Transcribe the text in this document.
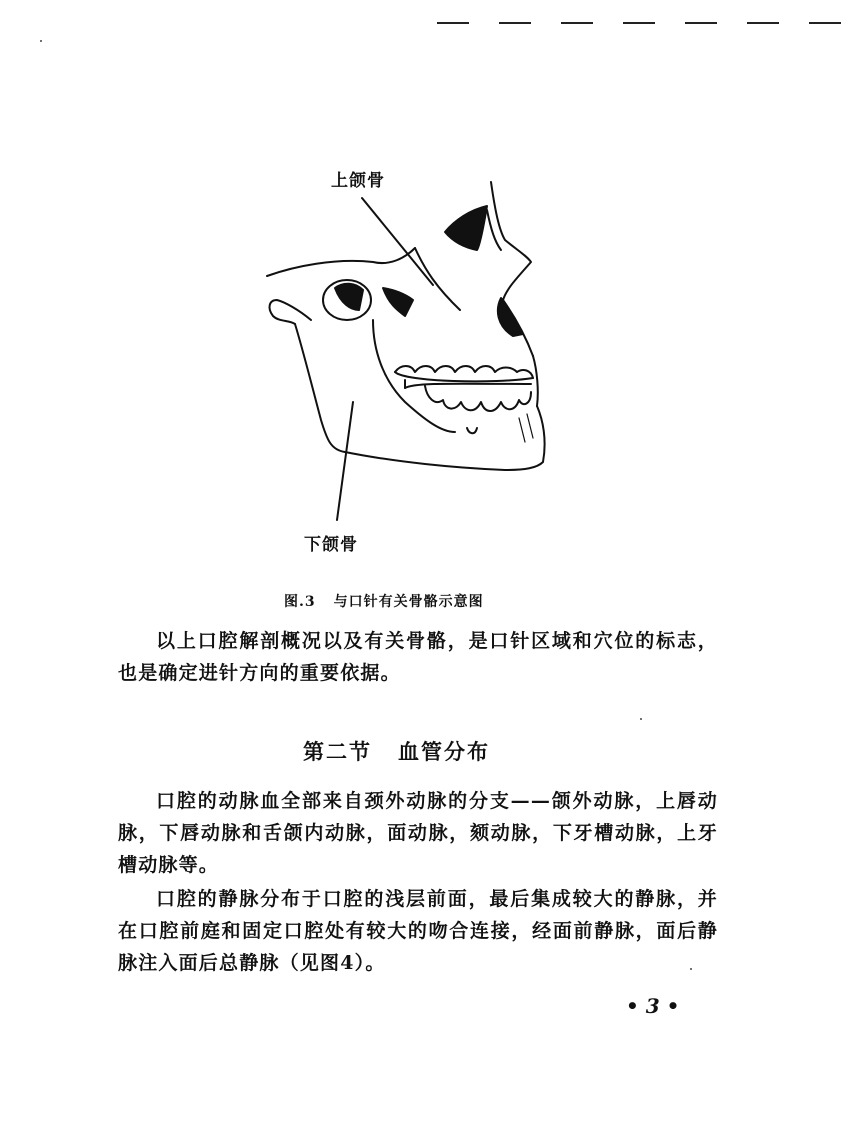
上颌骨
下颌骨
图.3 与口针有关骨骼示意图
以上口腔解剖概况以及有关骨骼，是口针区域和穴位的标志，也是确定进针方向的重要依据。
第二节 血管分布
口腔的动脉血全部来自颈外动脉的分支——颌外动脉，上唇动脉，下唇动脉和舌颌内动脉，面动脉，颏动脉，下牙槽动脉，上牙槽动脉等。
口腔的静脉分布于口腔的浅层前面，最后集成较大的静脉，并在口腔前庭和固定口腔处有较大的吻合连接，经面前静脉，面后静脉注入面后总静脉（见图4）。
• 3 •
